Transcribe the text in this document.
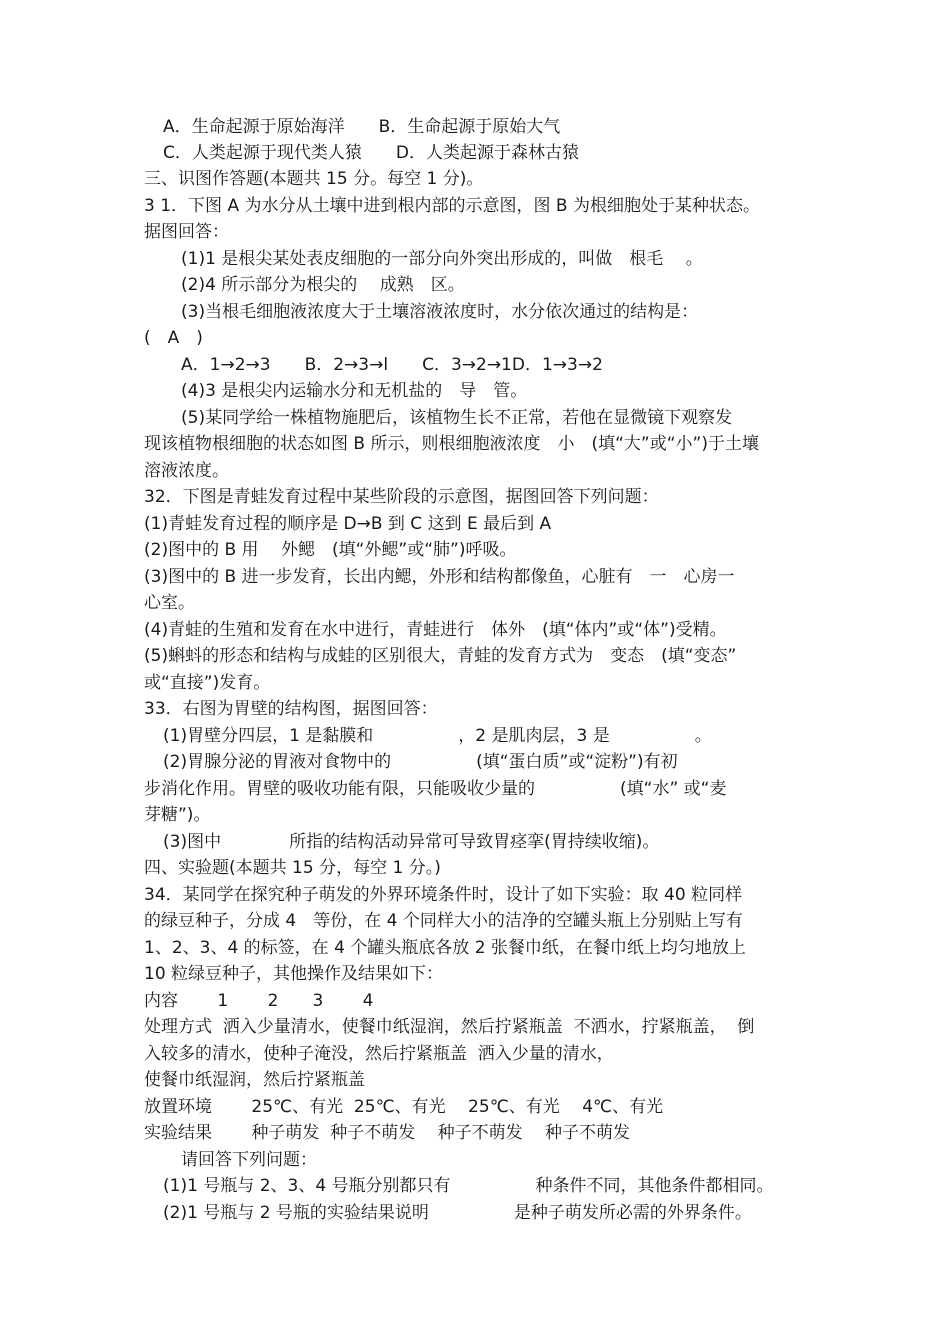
A．生命起源于原始海洋　　B．生命起源于原始大气
C．人类起源于现代类人猿　　D．人类起源于森林古猿
三、识图作答题(本题共 15 分。每空 1 分)。
3 1．下图 A 为水分从土壤中进到根内部的示意图，图 B 为根细胞处于某种状态。
据图回答：
(1)1 是根尖某处表皮细胞的一部分向外突出形成的，叫做　根毛　 。
(2)4 所示部分为根尖的　 成熟　区。
(3)当根毛细胞液浓度大于土壤溶液浓度时，水分依次通过的结构是：
(　A　)
A．1→2→3　　B．2→3→l　　C．3→2→1D．1→3→2
(4)3 是根尖内运输水分和无机盐的　导　管。
(5)某同学给一株植物施肥后，该植物生长不正常，若他在显微镜下观察发
现该植物根细胞的状态如图 B 所示，则根细胞液浓度　小　(填“大”或“小”)于土壤
溶液浓度。
32．下图是青蛙发育过程中某些阶段的示意图，据图回答下列问题：
(1)青蛙发育过程的顺序是 D→B 到 C 这到 E 最后到 A
(2)图中的 B 用　 外鳃　(填“外鳃”或“肺”)呼吸。
(3)图中的 B 进一步发育，长出内鳃，外形和结构都像鱼，心脏有　一　心房一
心室。
(4)青蛙的生殖和发育在水中进行，青蛙进行　体外　(填“体内”或“体”)受精。
(5)蝌蚪的形态和结构与成蛙的区别很大，青蛙的发育方式为　变态　(填“变态”
或“直接”)发育。
33．右图为胃壁的结构图，据图回答：
(1)胃壁分四层，1 是黏膜和　　　　　，2 是肌肉层，3 是　　　　　。
(2)胃腺分泌的胃液对食物中的　　　　　(填“蛋白质”或“淀粉”)有初
步消化作用。胃壁的吸收功能有限，只能吸收少量的　　　　　(填“水” 或“麦
芽糖”)。
(3)图中　　　　所指的结构活动异常可导致胃痉挛(胃持续收缩)。
四、实验题(本题共 15 分，每空 1 分。)
34．某同学在探究种子萌发的外界环境条件时，设计了如下实验：取 40 粒同样
的绿豆种子，分成 4　等份，在 4 个同样大小的洁净的空罐头瓶上分别贴上写有
1、2、3、4 的标签，在 4 个罐头瓶底各放 2 张餐巾纸，在餐巾纸上均匀地放上
10 粒绿豆种子，其他操作及结果如下：
内容　　 1　　 2　　3　　 4
处理方式  洒入少量清水，使餐巾纸湿润，然后拧紧瓶盖  不洒水，拧紧瓶盖，  倒
入较多的清水，使种子淹没，然后拧紧瓶盖  洒入少量的清水，
使餐巾纸湿润，然后拧紧瓶盖
放置环境　　 25℃、有光  25℃、有光　 25℃、有光　 4℃、有光
实验结果　　 种子萌发  种子不萌发　 种子不萌发　 种子不萌发
请回答下列问题：
(1)1 号瓶与 2、3、4 号瓶分别都只有　　　　　种条件不同，其他条件都相同。
(2)1 号瓶与 2 号瓶的实验结果说明　　　　　是种子萌发所必需的外界条件。
